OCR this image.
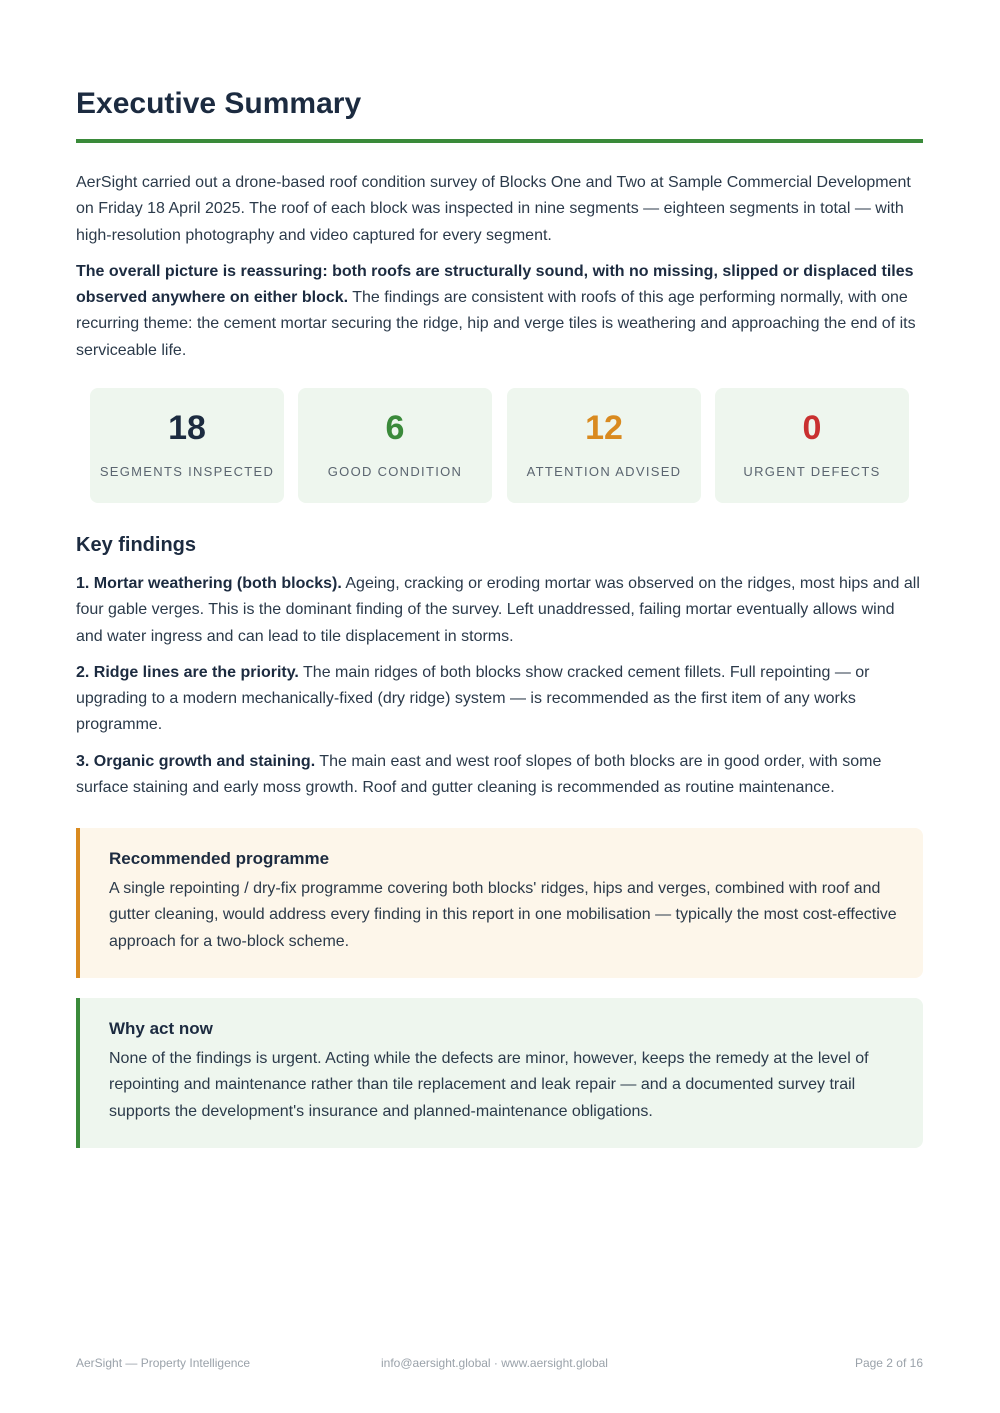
Executive Summary

AerSight carried out a drone-based roof condition survey of Blocks One and Two at Sample Commercial Development on Friday 18 April 2025. The roof of each block was inspected in nine segments — eighteen segments in total — with high-resolution photography and video captured for every segment.

The overall picture is reassuring: both roofs are structurally sound, with no missing, slipped or displaced tiles observed anywhere on either block. The findings are consistent with roofs of this age performing normally, with one recurring theme: the cement mortar securing the ridge, hip and verge tiles is weathering and approaching the end of its serviceable life.

18
SEGMENTS INSPECTED
6
GOOD CONDITION
12
ATTENTION ADVISED
0
URGENT DEFECTS
Key findings

1. Mortar weathering (both blocks). Ageing, cracking or eroding mortar was observed on the ridges, most hips and all four gable verges. This is the dominant finding of the survey. Left unaddressed, failing mortar eventually allows wind and water ingress and can lead to tile displacement in storms.

2. Ridge lines are the priority. The main ridges of both blocks show cracked cement fillets. Full repointing — or upgrading to a modern mechanically-fixed (dry ridge) system — is recommended as the first item of any works programme.

3. Organic growth and staining. The main east and west roof slopes of both blocks are in good order, with some surface staining and early moss growth. Roof and gutter cleaning is recommended as routine maintenance.

Recommended programme

A single repointing / dry-fix programme covering both blocks' ridges, hips and verges, combined with roof and gutter cleaning, would address every finding in this report in one mobilisation — typically the most cost-effective approach for a two-block scheme.

Why act now

None of the findings is urgent. Acting while the defects are minor, however, keeps the remedy at the level of repointing and maintenance rather than tile replacement and leak repair — and a documented survey trail supports the development's insurance and planned-maintenance obligations.

AerSight — Property Intelligence	info@aersight.global · www.aersight.global	Page 2 of 16
